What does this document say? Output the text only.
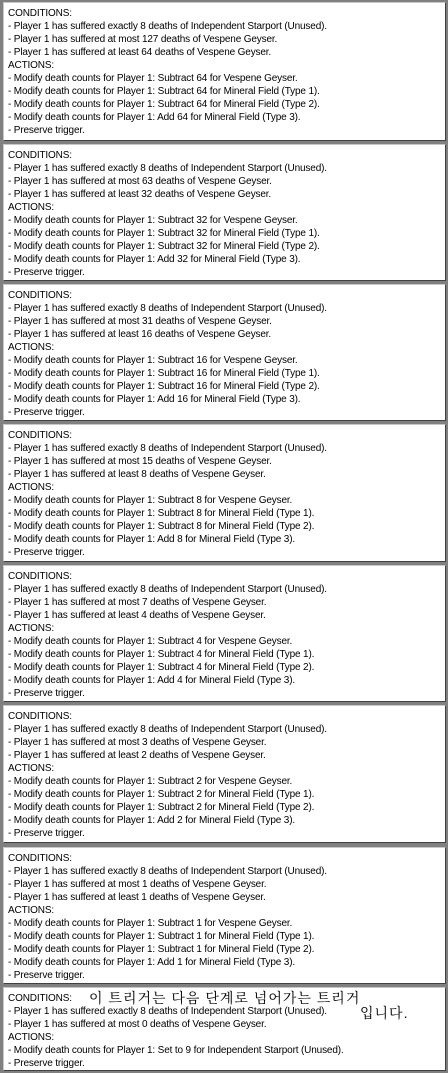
CONDITIONS:
- Player 1 has suffered exactly 8 deaths of Independent Starport (Unused).
- Player 1 has suffered at most 127 deaths of Vespene Geyser.
- Player 1 has suffered at least 64 deaths of Vespene Geyser.
ACTIONS:
- Modify death counts for Player 1: Subtract 64 for Vespene Geyser.
- Modify death counts for Player 1: Subtract 64 for Mineral Field (Type 1).
- Modify death counts for Player 1: Subtract 64 for Mineral Field (Type 2).
- Modify death counts for Player 1: Add 64 for Mineral Field (Type 3).
- Preserve trigger.
CONDITIONS:
- Player 1 has suffered exactly 8 deaths of Independent Starport (Unused).
- Player 1 has suffered at most 63 deaths of Vespene Geyser.
- Player 1 has suffered at least 32 deaths of Vespene Geyser.
ACTIONS:
- Modify death counts for Player 1: Subtract 32 for Vespene Geyser.
- Modify death counts for Player 1: Subtract 32 for Mineral Field (Type 1).
- Modify death counts for Player 1: Subtract 32 for Mineral Field (Type 2).
- Modify death counts for Player 1: Add 32 for Mineral Field (Type 3).
- Preserve trigger.
CONDITIONS:
- Player 1 has suffered exactly 8 deaths of Independent Starport (Unused).
- Player 1 has suffered at most 31 deaths of Vespene Geyser.
- Player 1 has suffered at least 16 deaths of Vespene Geyser.
ACTIONS:
- Modify death counts for Player 1: Subtract 16 for Vespene Geyser.
- Modify death counts for Player 1: Subtract 16 for Mineral Field (Type 1).
- Modify death counts for Player 1: Subtract 16 for Mineral Field (Type 2).
- Modify death counts for Player 1: Add 16 for Mineral Field (Type 3).
- Preserve trigger.
CONDITIONS:
- Player 1 has suffered exactly 8 deaths of Independent Starport (Unused).
- Player 1 has suffered at most 15 deaths of Vespene Geyser.
- Player 1 has suffered at least 8 deaths of Vespene Geyser.
ACTIONS:
- Modify death counts for Player 1: Subtract 8 for Vespene Geyser.
- Modify death counts for Player 1: Subtract 8 for Mineral Field (Type 1).
- Modify death counts for Player 1: Subtract 8 for Mineral Field (Type 2).
- Modify death counts for Player 1: Add 8 for Mineral Field (Type 3).
- Preserve trigger.
CONDITIONS:
- Player 1 has suffered exactly 8 deaths of Independent Starport (Unused).
- Player 1 has suffered at most 7 deaths of Vespene Geyser.
- Player 1 has suffered at least 4 deaths of Vespene Geyser.
ACTIONS:
- Modify death counts for Player 1: Subtract 4 for Vespene Geyser.
- Modify death counts for Player 1: Subtract 4 for Mineral Field (Type 1).
- Modify death counts for Player 1: Subtract 4 for Mineral Field (Type 2).
- Modify death counts for Player 1: Add 4 for Mineral Field (Type 3).
- Preserve trigger.
CONDITIONS:
- Player 1 has suffered exactly 8 deaths of Independent Starport (Unused).
- Player 1 has suffered at most 3 deaths of Vespene Geyser.
- Player 1 has suffered at least 2 deaths of Vespene Geyser.
ACTIONS:
- Modify death counts for Player 1: Subtract 2 for Vespene Geyser.
- Modify death counts for Player 1: Subtract 2 for Mineral Field (Type 1).
- Modify death counts for Player 1: Subtract 2 for Mineral Field (Type 2).
- Modify death counts for Player 1: Add 2 for Mineral Field (Type 3).
- Preserve trigger.
CONDITIONS:
- Player 1 has suffered exactly 8 deaths of Independent Starport (Unused).
- Player 1 has suffered at most 1 deaths of Vespene Geyser.
- Player 1 has suffered at least 1 deaths of Vespene Geyser.
ACTIONS:
- Modify death counts for Player 1: Subtract 1 for Vespene Geyser.
- Modify death counts for Player 1: Subtract 1 for Mineral Field (Type 1).
- Modify death counts for Player 1: Subtract 1 for Mineral Field (Type 2).
- Modify death counts for Player 1: Add 1 for Mineral Field (Type 3).
- Preserve trigger.
CONDITIONS:
- Player 1 has suffered exactly 8 deaths of Independent Starport (Unused).
- Player 1 has suffered at most 0 deaths of Vespene Geyser.
ACTIONS:
- Modify death counts for Player 1: Set to 9 for Independent Starport (Unused).
- Preserve trigger.
이 트리거는 다음 단계로 넘어가는 트리거
입니다.
